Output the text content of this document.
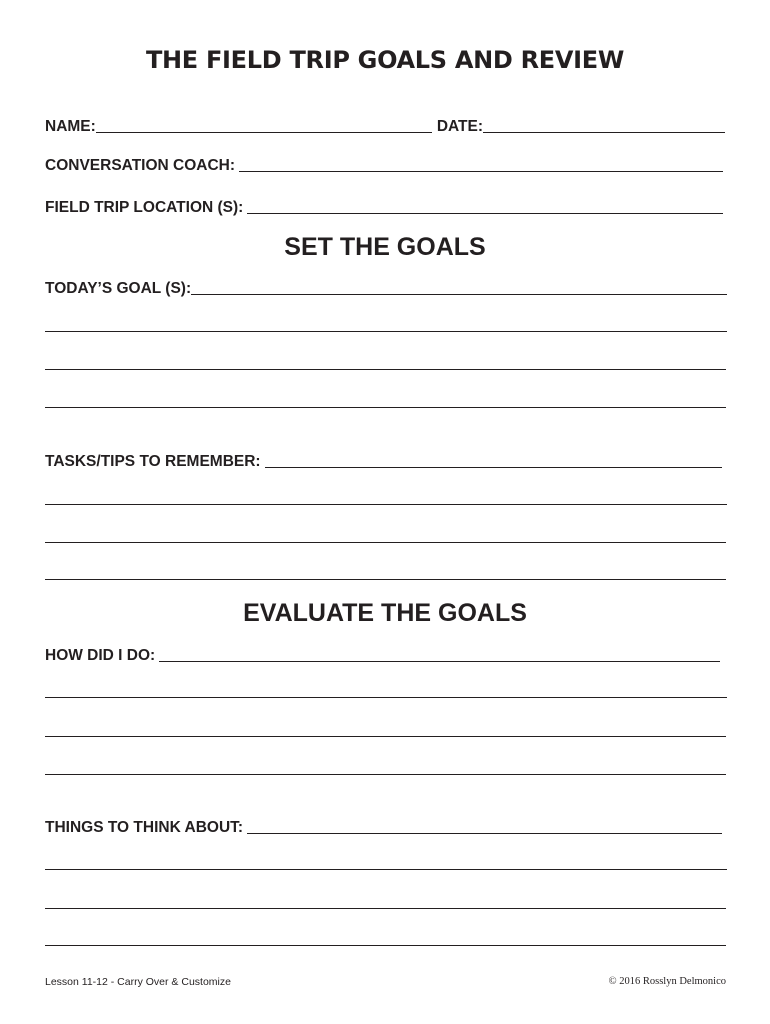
THE FIELD TRIP GOALS AND REVIEW
NAME:	DATE:
CONVERSATION COACH:
FIELD TRIP LOCATION (S):
SET THE GOALS
TODAY’S GOAL (S):
TASKS/TIPS TO REMEMBER:
EVALUATE THE GOALS
HOW DID I DO:
THINGS TO THINK ABOUT:
Lesson 11-12 - Carry Over & Customize	© 2016 Rosslyn Delmonico
